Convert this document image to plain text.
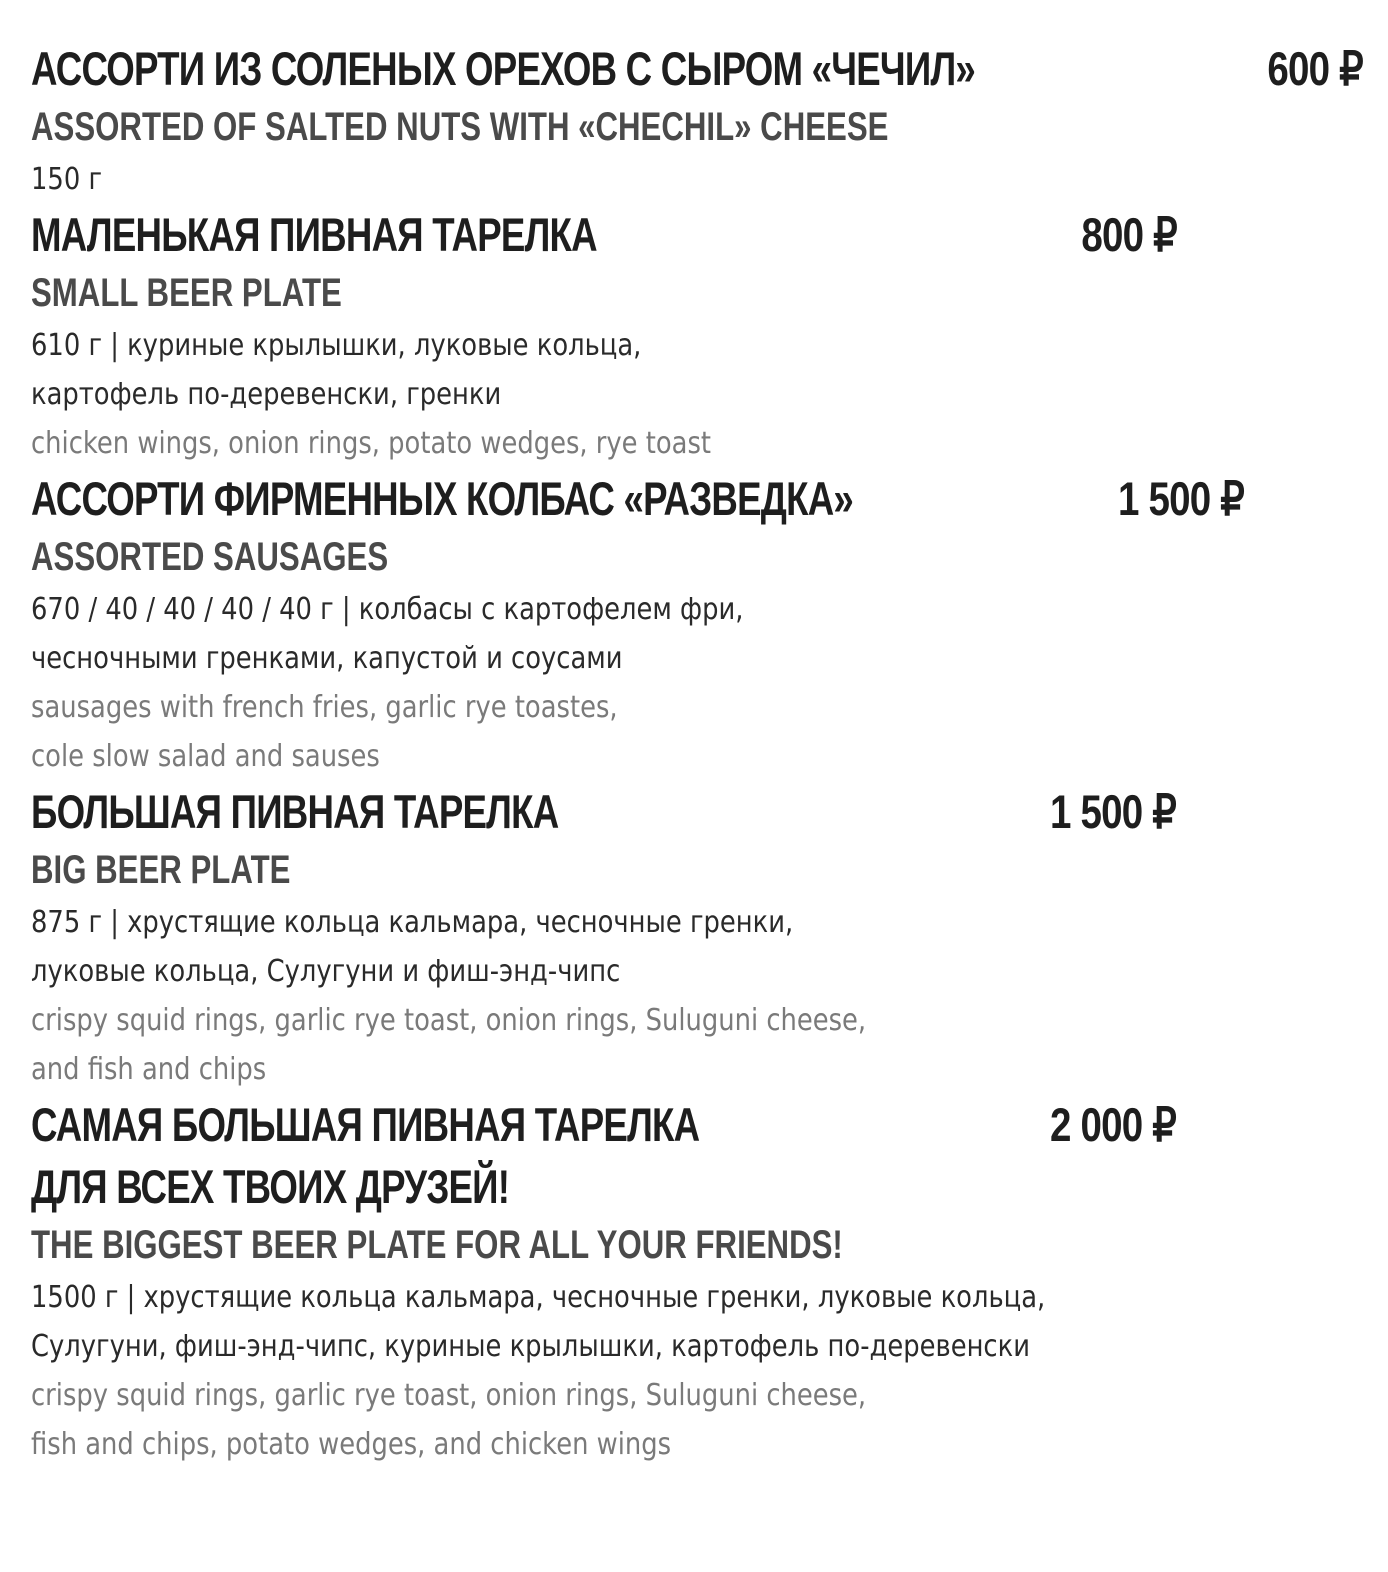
АССОРТИ ИЗ СОЛЕНЫХ ОРЕХОВ С СЫРОМ «ЧЕЧИЛ»	600 ₽
ASSORTED OF SALTED NUTS WITH «CHECHIL» CHEESE
150 г
МАЛЕНЬКАЯ ПИВНАЯ ТАРЕЛКА	800 ₽
SMALL BEER PLATE
610 г | куриные крылышки, луковые кольца,
картофель по-деревенски, гренки
chicken wings, onion rings, potato wedges, rye toast
АССОРТИ ФИРМЕННЫХ КОЛБАС «РАЗВЕДКА»	1 500 ₽
ASSORTED SAUSAGES
670 / 40 / 40 / 40 / 40 г | колбасы с картофелем фри,
чесночными гренками, капустой и соусами
sausages with french fries, garlic rye toastes,
cole slow salad and sauses
БОЛЬШАЯ ПИВНАЯ ТАРЕЛКА	1 500 ₽
BIG BEER PLATE
875 г | хрустящие кольца кальмара, чесночные гренки,
луковые кольца, Сулугуни и фиш-энд-чипс
crispy squid rings, garlic rye toast, onion rings, Suluguni cheese,
and fish and chips
САМАЯ БОЛЬШАЯ ПИВНАЯ ТАРЕЛКА
ДЛЯ ВСЕХ ТВОИХ ДРУЗЕЙ!
2 000 ₽
THE BIGGEST BEER PLATE FOR ALL YOUR FRIENDS!
1500 г | хрустящие кольца кальмара, чесночные гренки, луковые кольца,
Сулугуни, фиш-энд-чипс, куриные крылышки, картофель по-деревенски
crispy squid rings, garlic rye toast, onion rings, Suluguni cheese,
fish and chips, potato wedges, and chicken wings
